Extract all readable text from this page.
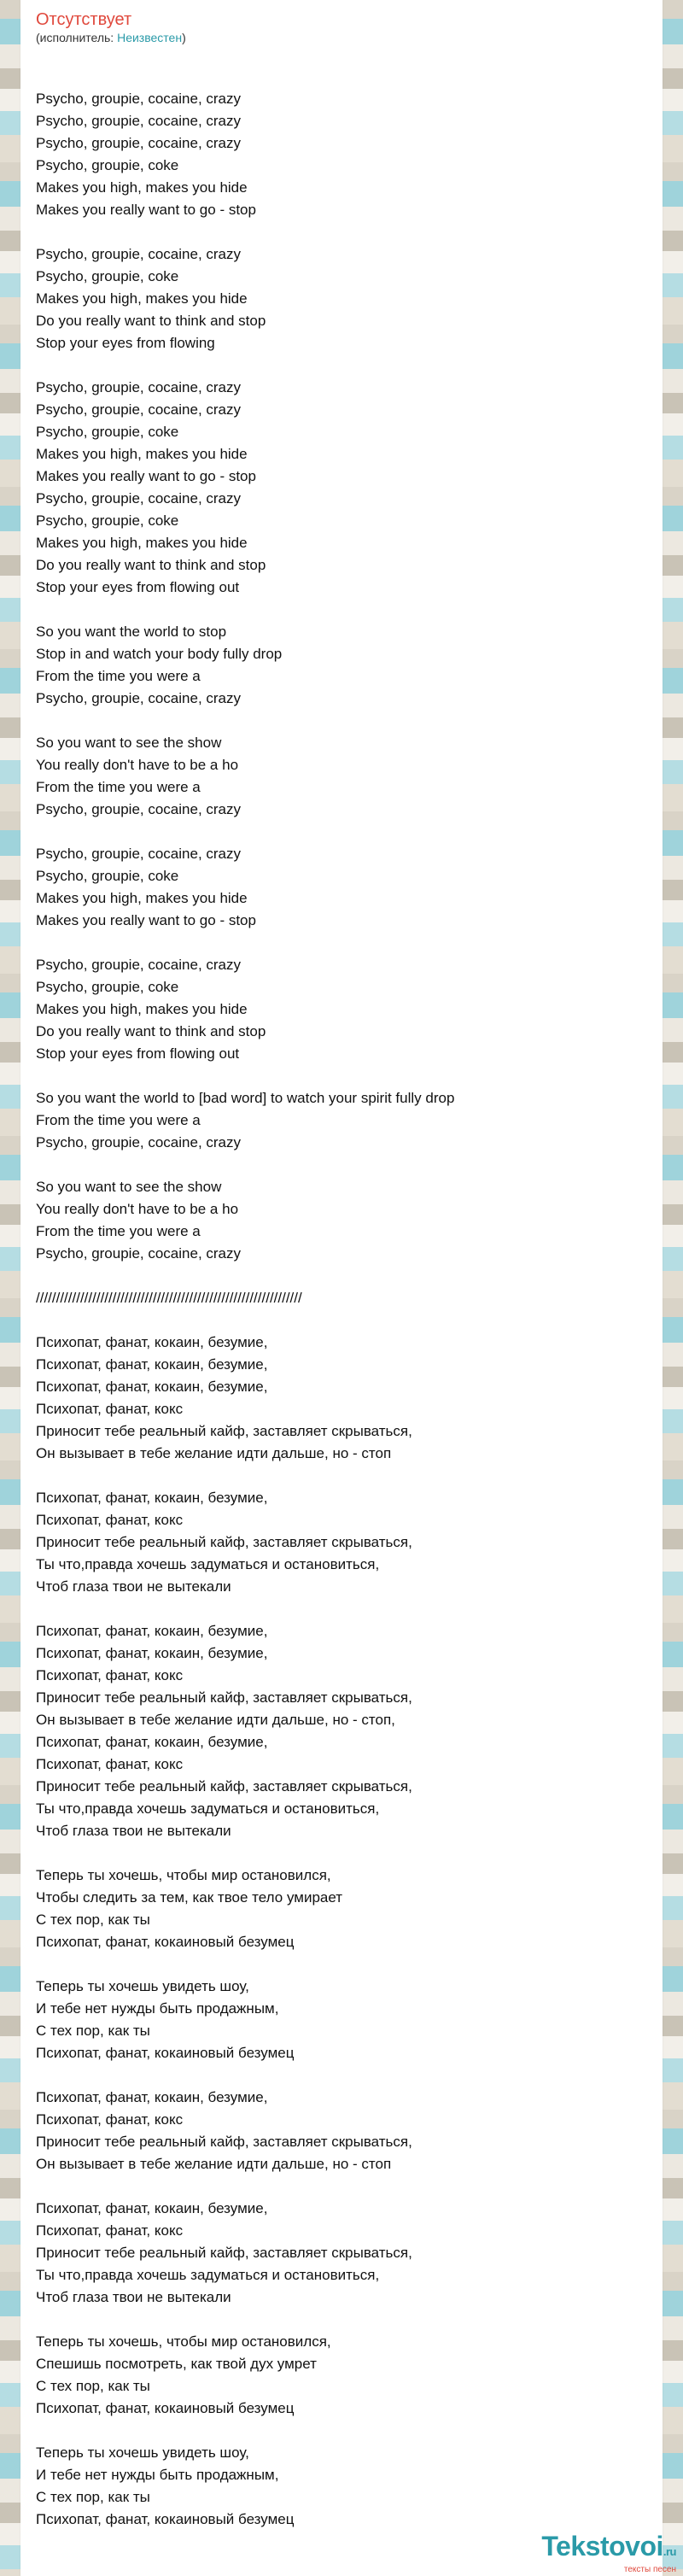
Отсутствует
(исполнитель: Неизвестен)
Psycho, groupie, cocaine, crazy
Psycho, groupie, cocaine, crazy
Psycho, groupie, cocaine, crazy
Psycho, groupie, coke
Makes you high, makes you hide
Makes you really want to go - stop

Psycho, groupie, cocaine, crazy
Psycho, groupie, coke
Makes you high, makes you hide
Do you really want to think and stop
Stop your eyes from flowing

Psycho, groupie, cocaine, crazy
Psycho, groupie, cocaine, crazy
Psycho, groupie, coke
Makes you high, makes you hide
Makes you really want to go - stop
Psycho, groupie, cocaine, crazy
Psycho, groupie, coke
Makes you high, makes you hide
Do you really want to think and stop
Stop your eyes from flowing out

So you want the world to stop
Stop in and watch your body fully drop
From the time you were a
Psycho, groupie, cocaine, crazy

So you want to see the show
You really don't have to be a ho
From the time you were a
Psycho, groupie, cocaine, crazy

Psycho, groupie, cocaine, crazy
Psycho, groupie, coke
Makes you high, makes you hide
Makes you really want to go - stop

Psycho, groupie, cocaine, crazy
Psycho, groupie, coke
Makes you high, makes you hide
Do you really want to think and stop
Stop your eyes from flowing out

So you want the world to [bad word] to watch your spirit fully drop
From the time you were a
Psycho, groupie, cocaine, crazy

So you want to see the show
You really don't have to be a ho
From the time you were a
Psycho, groupie, cocaine, crazy

//////////////////////////////////////////////////////////////////

Психопат, фанат, кокаин, безумие,
Психопат, фанат, кокаин, безумие,
Психопат, фанат, кокаин, безумие,
Психопат, фанат, кокс
Приносит тебе реальный кайф, заставляет скрываться,
Он вызывает в тебе желание идти дальше, но - стоп

Психопат, фанат, кокаин, безумие,
Психопат, фанат, кокс
Приносит тебе реальный кайф, заставляет скрываться,
Ты что,правда хочешь задуматься и остановиться,
Чтоб глаза твои не вытекали

Психопат, фанат, кокаин, безумие,
Психопат, фанат, кокаин, безумие,
Психопат, фанат, кокс
Приносит тебе реальный кайф, заставляет скрываться,
Он вызывает в тебе желание идти дальше, но - стоп,
Психопат, фанат, кокаин, безумие,
Психопат, фанат, кокс
Приносит тебе реальный кайф, заставляет скрываться,
Ты что,правда хочешь задуматься и остановиться,
Чтоб глаза твои не вытекали

Теперь ты хочешь, чтобы мир остановился,
Чтобы следить за тем, как твое тело умирает
С тех пор, как ты
Психопат, фанат, кокаиновый безумец

Теперь ты хочешь увидеть шоу,
И тебе нет нужды быть продажным,
С тех пор, как ты
Психопат, фанат, кокаиновый безумец

Психопат, фанат, кокаин, безумие,
Психопат, фанат, кокс
Приносит тебе реальный кайф, заставляет скрываться,
Он вызывает в тебе желание идти дальше, но - стоп

Психопат, фанат, кокаин, безумие,
Психопат, фанат, кокс
Приносит тебе реальный кайф, заставляет скрываться,
Ты что,правда хочешь задуматься и остановиться,
Чтоб глаза твои не вытекали

Теперь ты хочешь, чтобы мир остановился,
Спешишь посмотреть, как твой дух умрет
С тех пор, как ты
Психопат, фанат, кокаиновый безумец

Теперь ты хочешь увидеть шоу,
И тебе нет нужды быть продажным,
С тех пор, как ты
Психопат, фанат, кокаиновый безумец
Tekstovoi.ru
тексты песен
